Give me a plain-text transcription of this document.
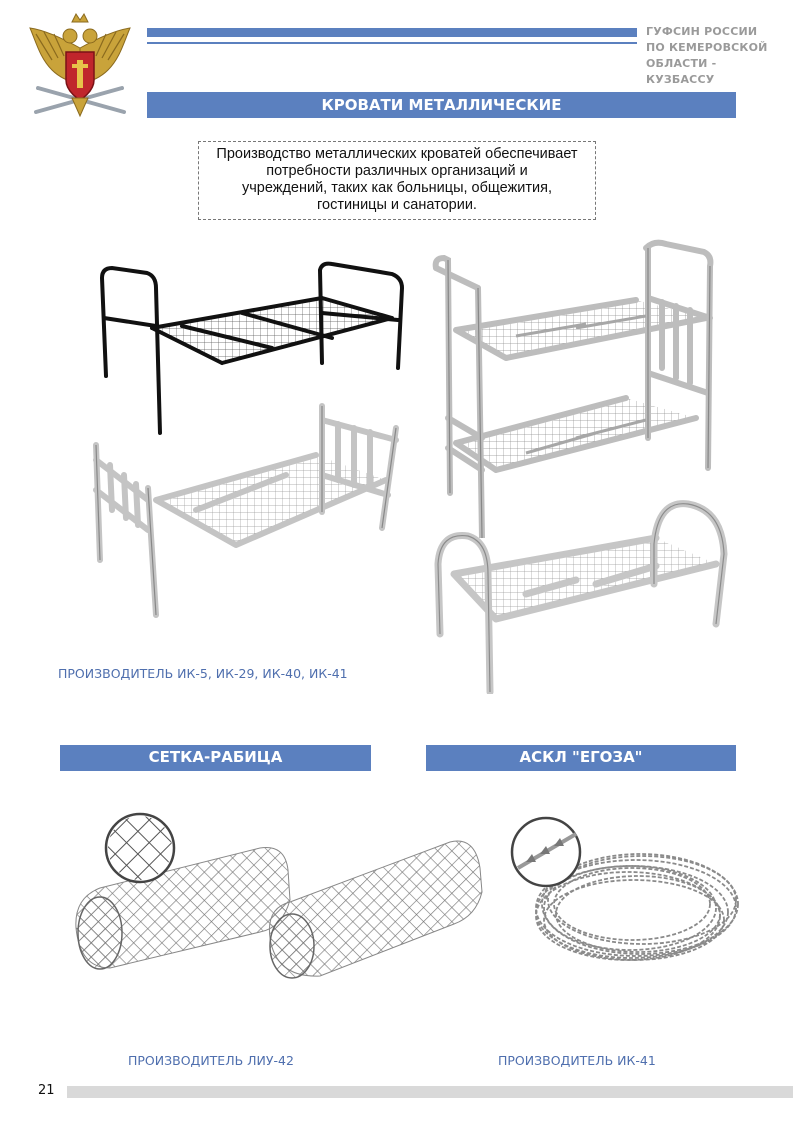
ГУФСИН РОССИИ
ПО КЕМЕРОВСКОЙ
ОБЛАСТИ - КУЗБАССУ
КРОВАТИ МЕТАЛЛИЧЕСКИЕ
Производство металлических кроватей обеспечивает
потребности различных организаций и
учреждений, таких как больницы, общежития,
гостиницы и санатории.
ПРОИЗВОДИТЕЛЬ ИК-5, ИК-29, ИК-40, ИК-41
СЕТКА-РАБИЦА	АСКЛ "ЕГОЗА"
ПРОИЗВОДИТЕЛЬ ЛИУ-42	ПРОИЗВОДИТЕЛЬ ИК-41
21
